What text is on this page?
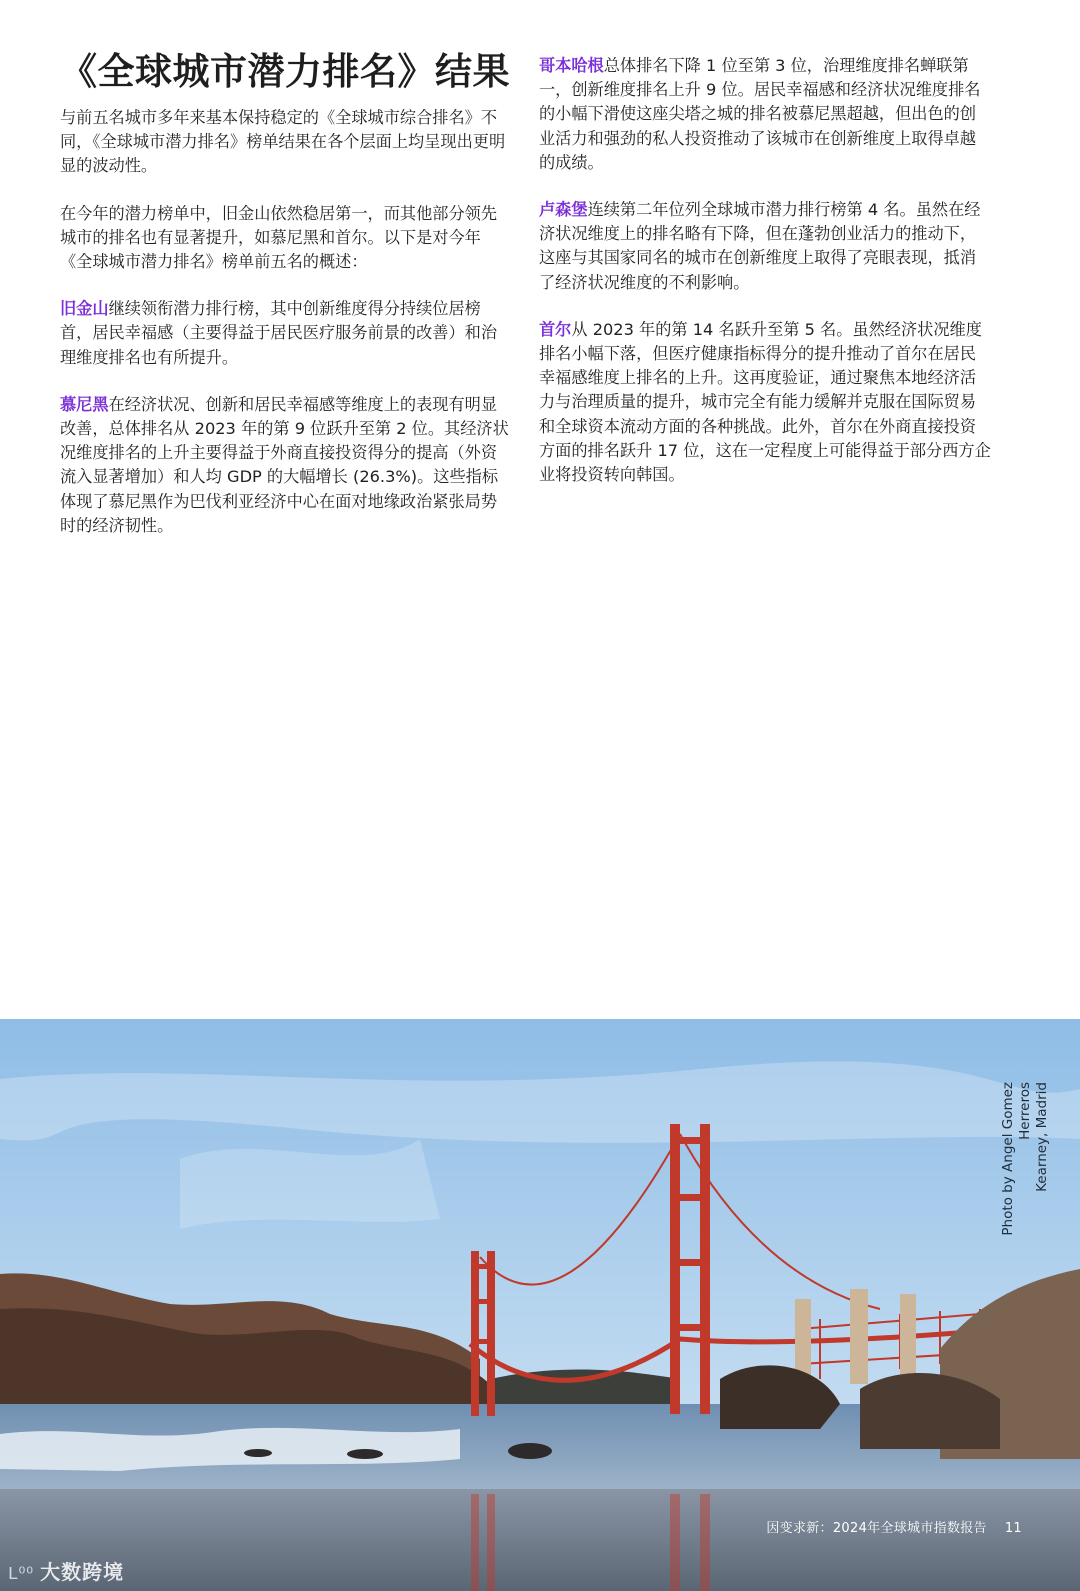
《全球城市潜力排名》结果

与前五名城市多年来基本保持稳定的《全球城市综合排名》不同，《全球城市潜力排名》榜单结果在各个层面上均呈现出更明显的波动性。

在今年的潜力榜单中，旧金山依然稳居第一，而其他部分领先城市的排名也有显著提升，如慕尼黑和首尔。以下是对今年《全球城市潜力排名》榜单前五名的概述：

旧金山继续领衔潜力排行榜，其中创新维度得分持续位居榜首，居民幸福感（主要得益于居民医疗服务前景的改善）和治理维度排名也有所提升。

慕尼黑在经济状况、创新和居民幸福感等维度上的表现有明显改善，总体排名从 2023 年的第 9 位跃升至第 2 位。其经济状况维度排名的上升主要得益于外商直接投资得分的提高（外资流入显著增加）和人均 GDP 的大幅增长 (26.3%)。这些指标体现了慕尼黑作为巴伐利亚经济中心在面对地缘政治紧张局势时的经济韧性。

哥本哈根总体排名下降 1 位至第 3 位，治理维度排名蝉联第一，创新维度排名上升 9 位。居民幸福感和经济状况维度排名的小幅下滑使这座尖塔之城的排名被慕尼黑超越，但出色的创业活力和强劲的私人投资推动了该城市在创新维度上取得卓越的成绩。

卢森堡连续第二年位列全球城市潜力排行榜第 4 名。虽然在经济状况维度上的排名略有下降，但在蓬勃创业活力的推动下，这座与其国家同名的城市在创新维度上取得了亮眼表现，抵消了经济状况维度的不利影响。

首尔从 2023 年的第 14 名跃升至第 5 名。虽然经济状况维度排名小幅下落，但医疗健康指标得分的提升推动了首尔在居民幸福感维度上排名的上升。这再度验证，通过聚焦本地经济活力与治理质量的提升，城市完全有能力缓解并克服在国际贸易和全球资本流动方面的各种挑战。此外，首尔在外商直接投资方面的排名跃升 17 位，这在一定程度上可能得益于部分西方企业将投资转向韩国。

Photo by Angel Gomez Herreros Kearney, Madrid
因变求新：2024年全球城市指数报告 11
ᒪ⁰⁰ 大数跨境
